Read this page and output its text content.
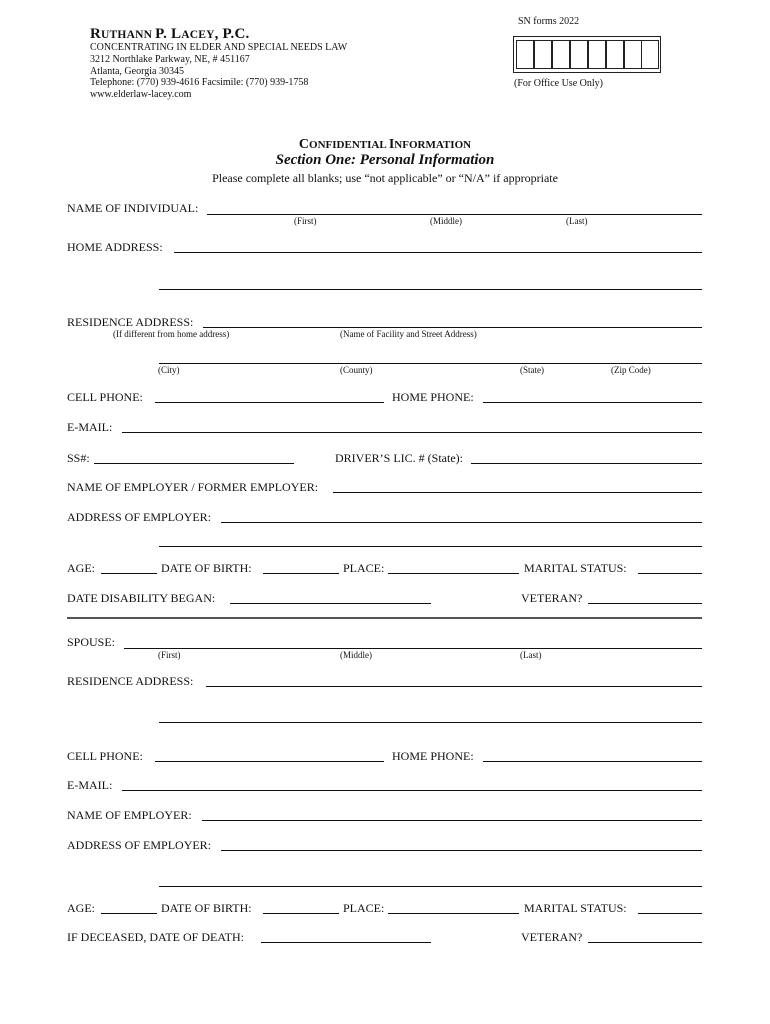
RUTHANN P. LACEY, P.C.
CONCENTRATING IN ELDER AND SPECIAL NEEDS LAW
3212 Northlake Parkway, NE, # 451167
Atlanta, Georgia 30345
Telephone: (770) 939-4616 Facsimile: (770) 939-1758
www.elderlaw-lacey.com
SN forms 2022
(For Office Use Only)
CONFIDENTIAL INFORMATION
Section One: Personal Information
Please complete all blanks; use “not applicable” or “N/A” if appropriate
NAME OF INDIVIDUAL:
(First)	(Middle)	(Last)
HOME ADDRESS:
RESIDENCE ADDRESS:
(If different from home address)	(Name of Facility and Street Address)
(City)	(County)	(State)	(Zip Code)
CELL PHONE:	HOME PHONE:
E-MAIL:
SS#:	DRIVER’S LIC. # (State):
NAME OF EMPLOYER / FORMER EMPLOYER:
ADDRESS OF EMPLOYER:
AGE:	DATE OF BIRTH:	PLACE:	MARITAL STATUS:
DATE DISABILITY BEGAN:	VETERAN?
SPOUSE:
(First)	(Middle)	(Last)
RESIDENCE ADDRESS:
CELL PHONE:	HOME PHONE:
E-MAIL:
NAME OF EMPLOYER:
ADDRESS OF EMPLOYER:
AGE:	DATE OF BIRTH:	PLACE:	MARITAL STATUS:
IF DECEASED, DATE OF DEATH:	VETERAN?
